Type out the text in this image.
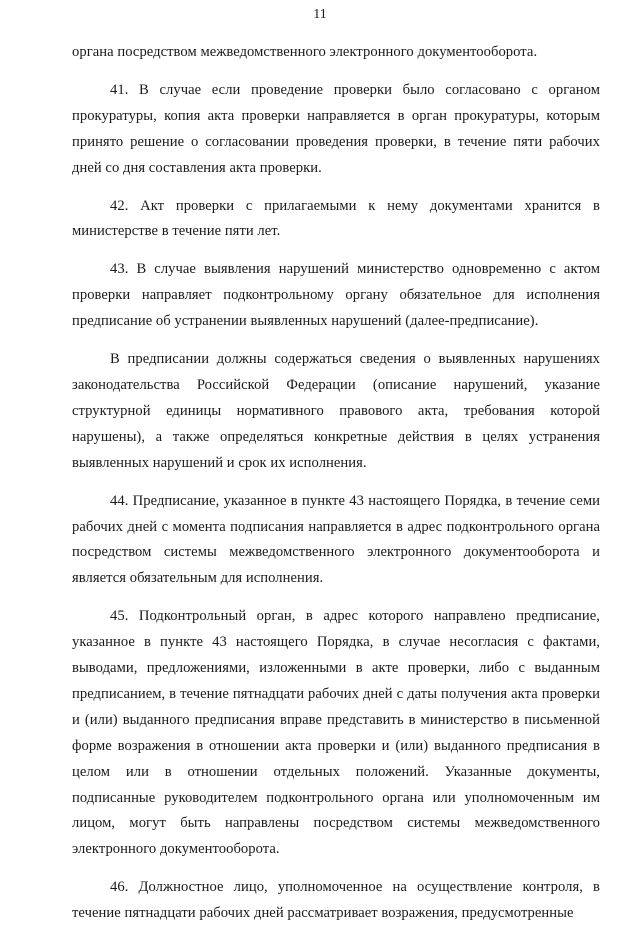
11

органа посредством межведомственного электронного документооборота.

41. В случае если проведение проверки было согласовано с органом прокуратуры, копия акта проверки направляется в орган прокуратуры, которым принято решение о согласовании проведения проверки, в течение пяти рабочих дней со дня составления акта проверки.

42. Акт проверки с прилагаемыми к нему документами хранится в министерстве в течение пяти лет.

43. В случае выявления нарушений министерство одновременно с актом проверки направляет подконтрольному органу обязательное для исполнения предписание об устранении выявленных нарушений (далее-предписание).

В предписании должны содержаться сведения о выявленных нарушениях законодательства Российской Федерации (описание нарушений, указание структурной единицы нормативного правового акта, требования которой нарушены), а также определяться конкретные действия в целях устранения выявленных нарушений и срок их исполнения.

44. Предписание, указанное в пункте 43 настоящего Порядка, в течение семи рабочих дней с момента подписания направляется в адрес подконтрольного органа посредством системы межведомственного электронного документооборота и является обязательным для исполнения.

45. Подконтрольный орган, в адрес которого направлено предписание, указанное в пункте 43 настоящего Порядка, в случае несогласия с фактами, выводами, предложениями, изложенными в акте проверки, либо с выданным предписанием, в течение пятнадцати рабочих дней с даты получения акта проверки и (или) выданного предписания вправе представить в министерство в письменной форме возражения в отношении акта проверки и (или) выданного предписания в целом или в отношении отдельных положений. Указанные документы, подписанные руководителем подконтрольного органа или уполномоченным им лицом, могут быть направлены посредством системы межведомственного электронного документооборота.

46. Должностное лицо, уполномоченное на осуществление контроля, в течение пятнадцати рабочих дней рассматривает возражения, предусмотренные
